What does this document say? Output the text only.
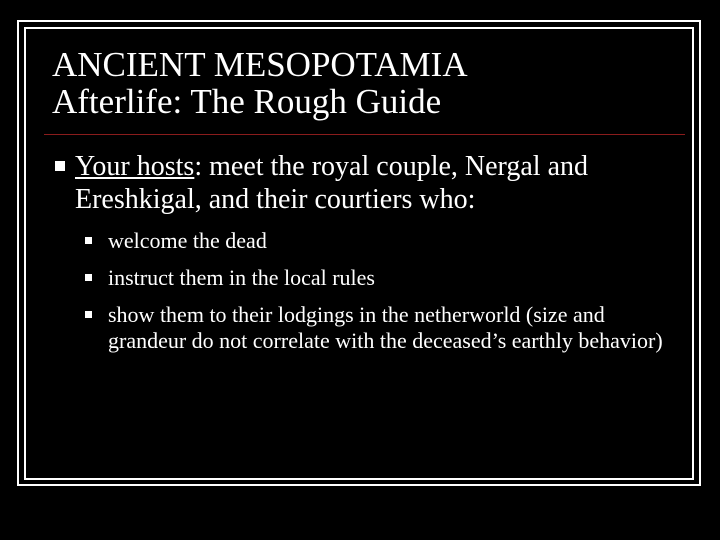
ANCIENT MESOPOTAMIA
Afterlife: The Rough Guide
Your hosts: meet the royal couple, Nergal and Ereshkigal, and their courtiers who:
welcome the dead
instruct them in the local rules
show them to their lodgings in the netherworld (size and grandeur do not correlate with the deceased’s earthly behavior)
